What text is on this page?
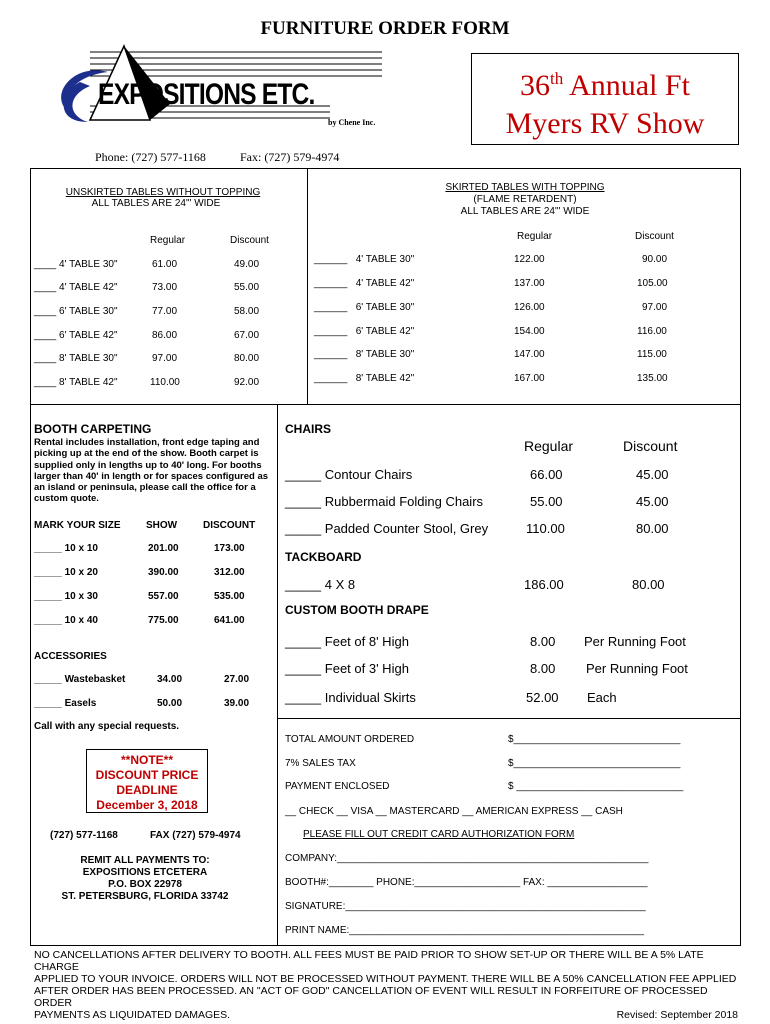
FURNITURE ORDER FORM
EXPOSITIONS ETC.
by Chene Inc.
36th Annual Ft
Myers RV Show
Phone: (727) 577-1168	Fax: (727) 579-4974
UNSKIRTED TABLES WITHOUT TOPPING
ALL TABLES ARE 24"' WIDE
Regular	Discount
____ 4' TABLE 30"	61.00	49.00
____ 4' TABLE 42"	73.00	55.00
____ 6' TABLE 30"	77.00	58.00
____ 6' TABLE 42"	86.00	67.00
____ 8' TABLE 30"	97.00	80.00
____ 8' TABLE 42"	110.00	92.00
SKIRTED TABLES WITH TOPPING
(FLAME RETARDENT)
ALL TABLES ARE 24"' WIDE
Regular	Discount
______ 4' TABLE 30"	122.00	90.00
______ 4' TABLE 42"	137.00	105.00
______ 6' TABLE 30"	126.00	97.00
______ 6' TABLE 42"	154.00	116.00
______ 8' TABLE 30"	147.00	115.00
______ 8' TABLE 42"	167.00	135.00
BOOTH CARPETING
Rental includes installation, front edge taping and picking up at the end of the show. Booth carpet is supplied only in lengths up to 40' long. For booths larger than 40' in length or for spaces configured as an island or peninsula, please call the office for a custom quote.
MARK YOUR SIZE	SHOW	DISCOUNT
_____ 10 x 10	201.00	173.00
_____ 10 x 20	390.00	312.00
_____ 10 x 30	557.00	535.00
_____ 10 x 40	775.00	641.00
ACCESSORIES
_____ Wastebasket	34.00	27.00
_____ Easels	50.00	39.00
Call with any special requests.
**NOTE**
DISCOUNT PRICE
DEADLINE
December 3, 2018
(727) 577-1168	FAX (727) 579-4974
REMIT ALL PAYMENTS TO:
EXPOSITIONS ETCETERA
P.O. BOX 22978
ST. PETERSBURG, FLORIDA 33742
CHAIRS
Regular	Discount
_____ Contour Chairs	66.00	45.00
_____ Rubbermaid Folding Chairs	55.00	45.00
_____ Padded Counter Stool, Grey	110.00	80.00
TACKBOARD
_____ 4 X 8	186.00	80.00
CUSTOM BOOTH DRAPE
_____ Feet of 8' High	8.00 Per Running Foot
_____ Feet of 3' High	8.00 Per Running Foot
_____ Individual Skirts	52.00 Each
TOTAL AMOUNT ORDERED	$______________________________
7% SALES TAX	$______________________________
PAYMENT ENCLOSED	$ ______________________________
__ CHECK __ VISA __ MASTERCARD __ AMERICAN EXPRESS __ CASH
PLEASE FILL OUT CREDIT CARD AUTHORIZATION FORM
COMPANY:________________________________________________________
BOOTH#:________ PHONE:___________________ FAX: __________________
SIGNATURE:______________________________________________________
PRINT NAME:_____________________________________________________
NO CANCELLATIONS AFTER DELIVERY TO BOOTH. ALL FEES MUST BE PAID PRIOR TO SHOW SET-UP OR THERE WILL BE A 5% LATE CHARGE
APPLIED TO YOUR INVOICE. ORDERS WILL NOT BE PROCESSED WITHOUT PAYMENT. THERE WILL BE A 50% CANCELLATION FEE APPLIED
AFTER ORDER HAS BEEN PROCESSED. AN "ACT OF GOD" CANCELLATION OF EVENT WILL RESULT IN FORFEITURE OF PROCESSED ORDER
PAYMENTS AS LIQUIDATED DAMAGES.	Revised: September 2018
